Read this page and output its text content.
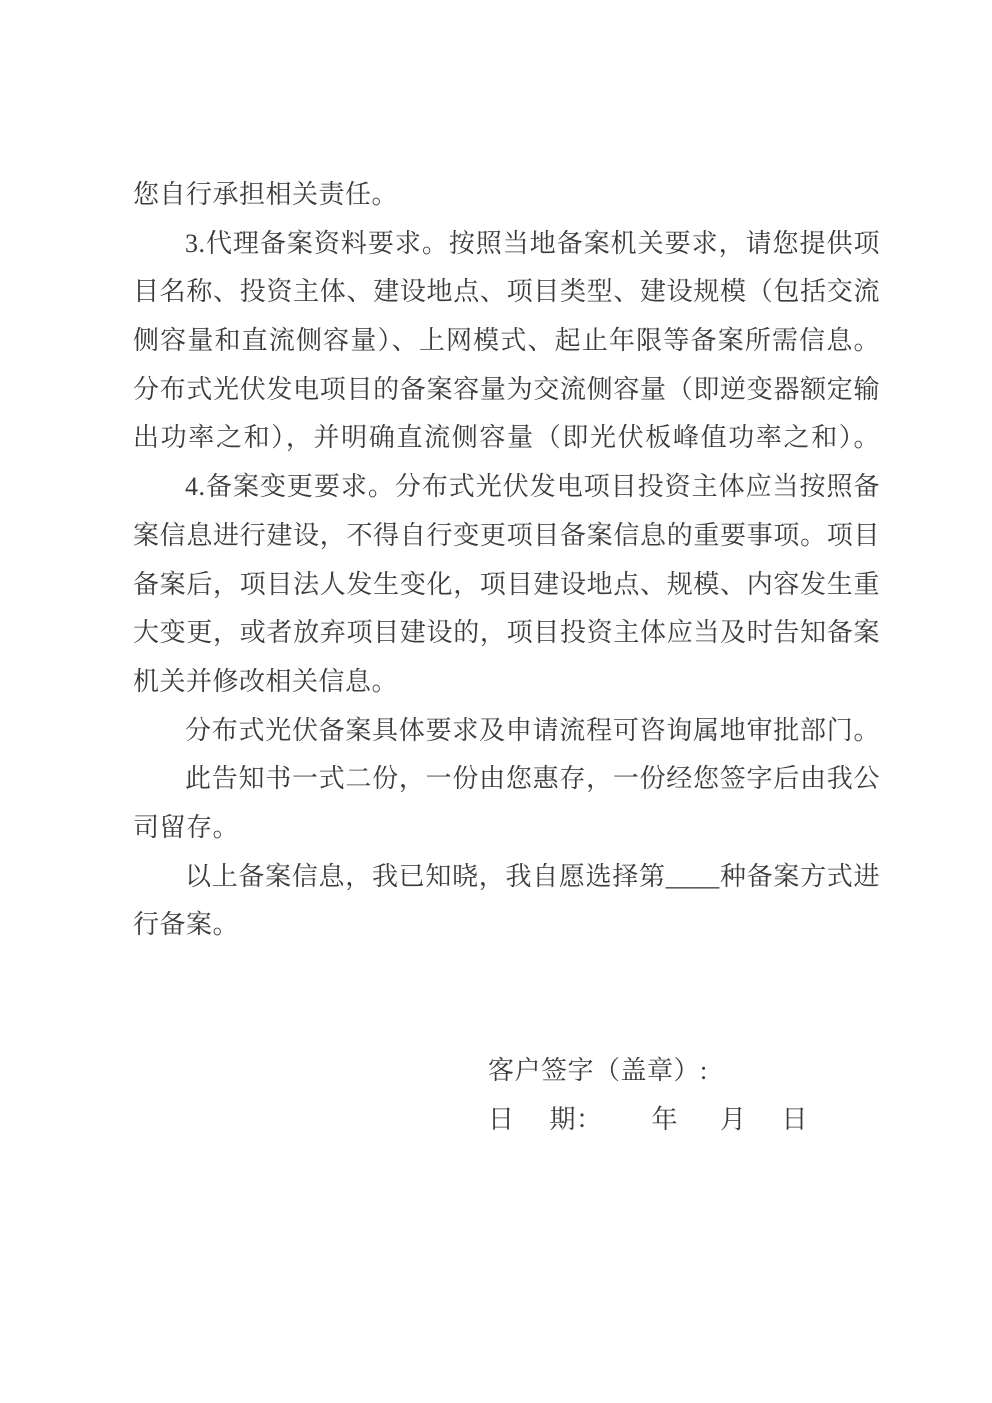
您自行承担相关责任。
3.代理备案资料要求。按照当地备案机关要求，请您提供项
目名称、投资主体、建设地点、项目类型、建设规模（包括交流
侧容量和直流侧容量）、上网模式、起止年限等备案所需信息。
分布式光伏发电项目的备案容量为交流侧容量（即逆变器额定输
出功率之和），并明确直流侧容量（即光伏板峰值功率之和）。
4.备案变更要求。分布式光伏发电项目投资主体应当按照备
案信息进行建设，不得自行变更项目备案信息的重要事项。项目
备案后，项目法人发生变化，项目建设地点、规模、内容发生重
大变更，或者放弃项目建设的，项目投资主体应当及时告知备案
机关并修改相关信息。
分布式光伏备案具体要求及申请流程可咨询属地审批部门。
此告知书一式二份，一份由您惠存，一份经您签字后由我公
司留存。
以上备案信息，我已知晓，我自愿选择第____种备案方式进
行备案。
客户签字（盖章）:
日     期：       年      月     日
